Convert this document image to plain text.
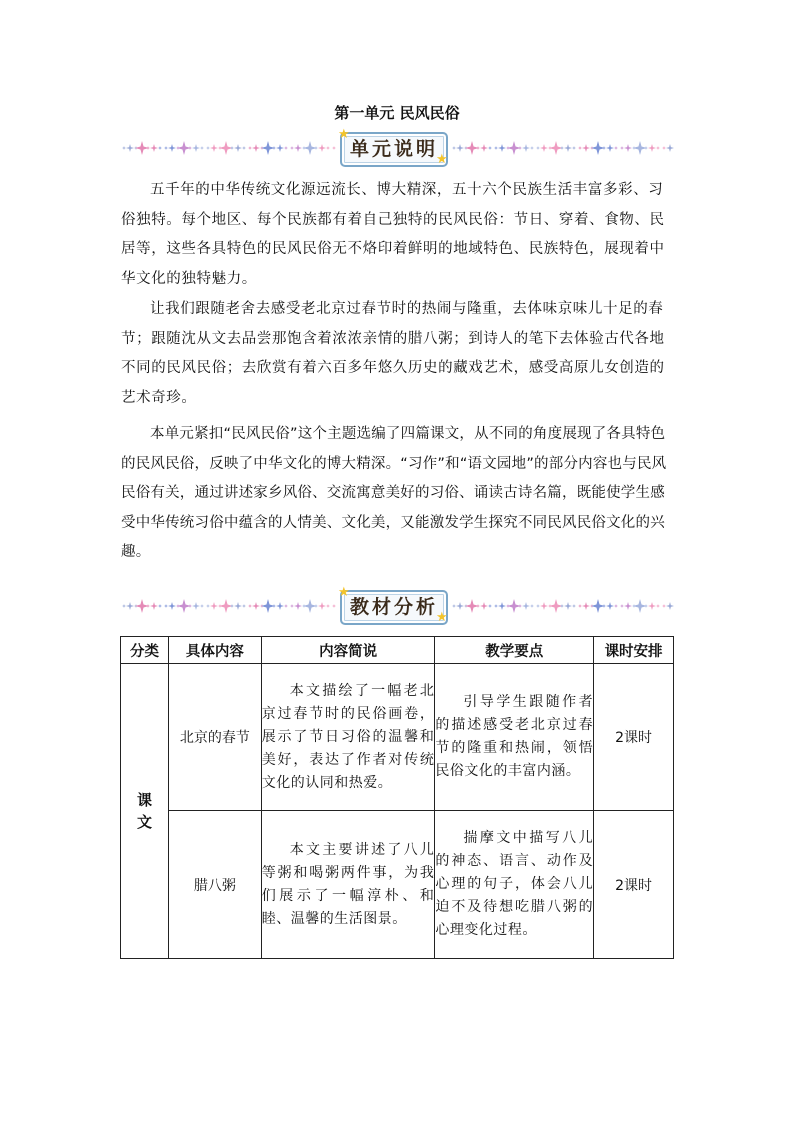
第一单元 民风民俗
单元说明
★
★

五千年的中华传统文化源远流长、博大精深，五十六个民族生活丰富多彩、习俗独特。每个地区、每个民族都有着自己独特的民风民俗：节日、穿着、食物、民居等，这些各具特色的民风民俗无不烙印着鲜明的地域特色、民族特色，展现着中华文化的独特魅力。

让我们跟随老舍去感受老北京过春节时的热闹与隆重，去体味京味儿十足的春节；跟随沈从文去品尝那饱含着浓浓亲情的腊八粥；到诗人的笔下去体验古代各地不同的民风民俗；去欣赏有着六百多年悠久历史的藏戏艺术，感受高原儿女创造的艺术奇珍。

本单元紧扣“民风民俗”这个主题选编了四篇课文，从不同的角度展现了各具特色的民风民俗，反映了中华文化的博大精深。“习作”和“语文园地”的部分内容也与民风民俗有关，通过讲述家乡风俗、交流寓意美好的习俗、诵读古诗名篇，既能使学生感受中华传统习俗中蕴含的人情美、文化美，又能激发学生探究不同民风民俗文化的兴趣。

教材分析
★
★
分类	具体内容	内容简说	教学要点	课时安排

课文	北京的春节	本文描绘了一幅老北京过春节时的民俗画卷，展示了节日习俗的温馨和美好，表达了作者对传统文化的认同和热爱。	引导学生跟随作者的描述感受老北京过春节的隆重和热闹，领悟民俗文化的丰富内涵。	2课时
	腊八粥	本文主要讲述了八儿等粥和喝粥两件事，为我们展示了一幅淳朴、和睦、温馨的生活图景。	揣摩文中描写八儿的神态、语言、动作及心理的句子，体会八儿迫不及待想吃腊八粥的心理变化过程。	2课时
